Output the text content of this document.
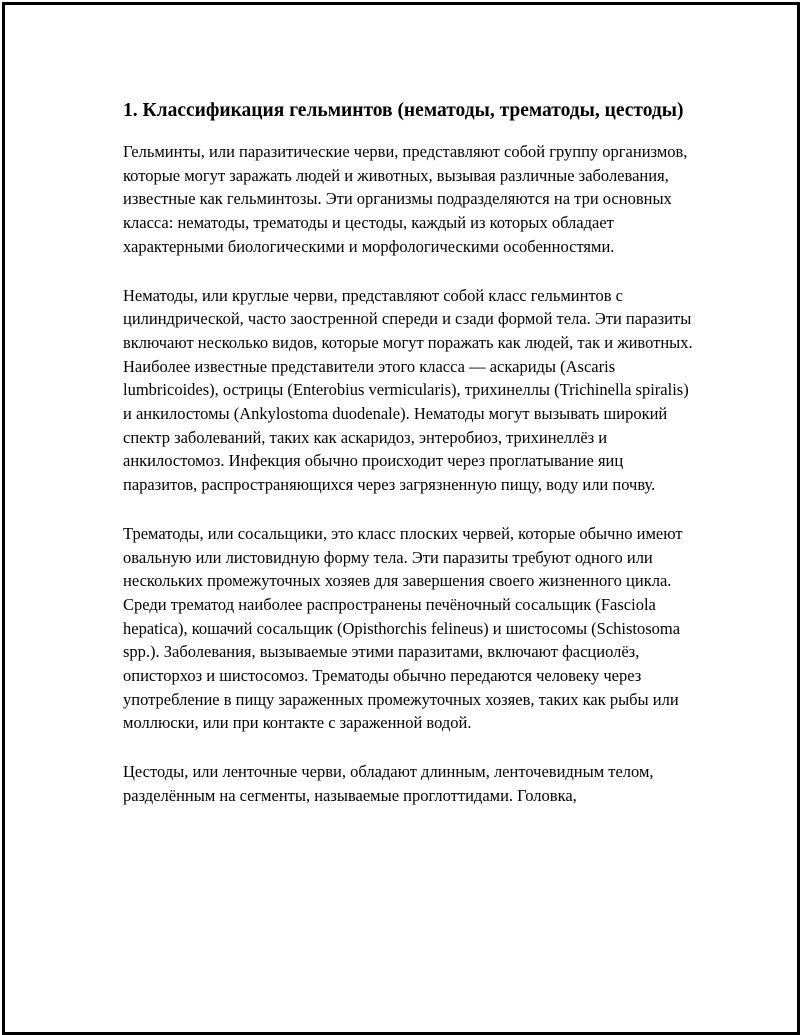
1. Классификация гельминтов (нематоды, трематоды, цестоды)

Гельминты, или паразитические черви, представляют собой группу организмов, которые могут заражать людей и животных, вызывая различные заболевания, известные как гельминтозы. Эти организмы подразделяются на три основных класса: нематоды, трематоды и цестоды, каждый из которых обладает характерными биологическими и морфологическими особенностями.

Нематоды, или круглые черви, представляют собой класс гельминтов с цилиндрической, часто заостренной спереди и сзади формой тела. Эти паразиты включают несколько видов, которые могут поражать как людей, так и животных. Наиболее известные представители этого класса — аскариды (Ascaris lumbricoides), острицы (Enterobius vermicularis), трихинеллы (Trichinella spiralis) и анкилостомы (Ankylostoma duodenale). Нематоды могут вызывать широкий спектр заболеваний, таких как аскаридоз, энтеробиоз, трихинеллёз и анкилостомоз. Инфекция обычно происходит через проглатывание яиц паразитов, распространяющихся через загрязненную пищу, воду или почву.

Трематоды, или сосальщики, это класс плоских червей, которые обычно имеют овальную или листовидную форму тела. Эти паразиты требуют одного или нескольких промежуточных хозяев для завершения своего жизненного цикла. Среди трематод наиболее распространены печёночный сосальщик (Fasciola hepatica), кошачий сосальщик (Opisthorchis felineus) и шистосомы (Schistosoma spp.). Заболевания, вызываемые этими паразитами, включают фасциолёз, описторхоз и шистосомоз. Трематоды обычно передаются человеку через употребление в пищу зараженных промежуточных хозяев, таких как рыбы или моллюски, или при контакте с зараженной водой.

Цестоды, или ленточные черви, обладают длинным, ленточевидным телом, разделённым на сегменты, называемые проглоттидами. Головка,
